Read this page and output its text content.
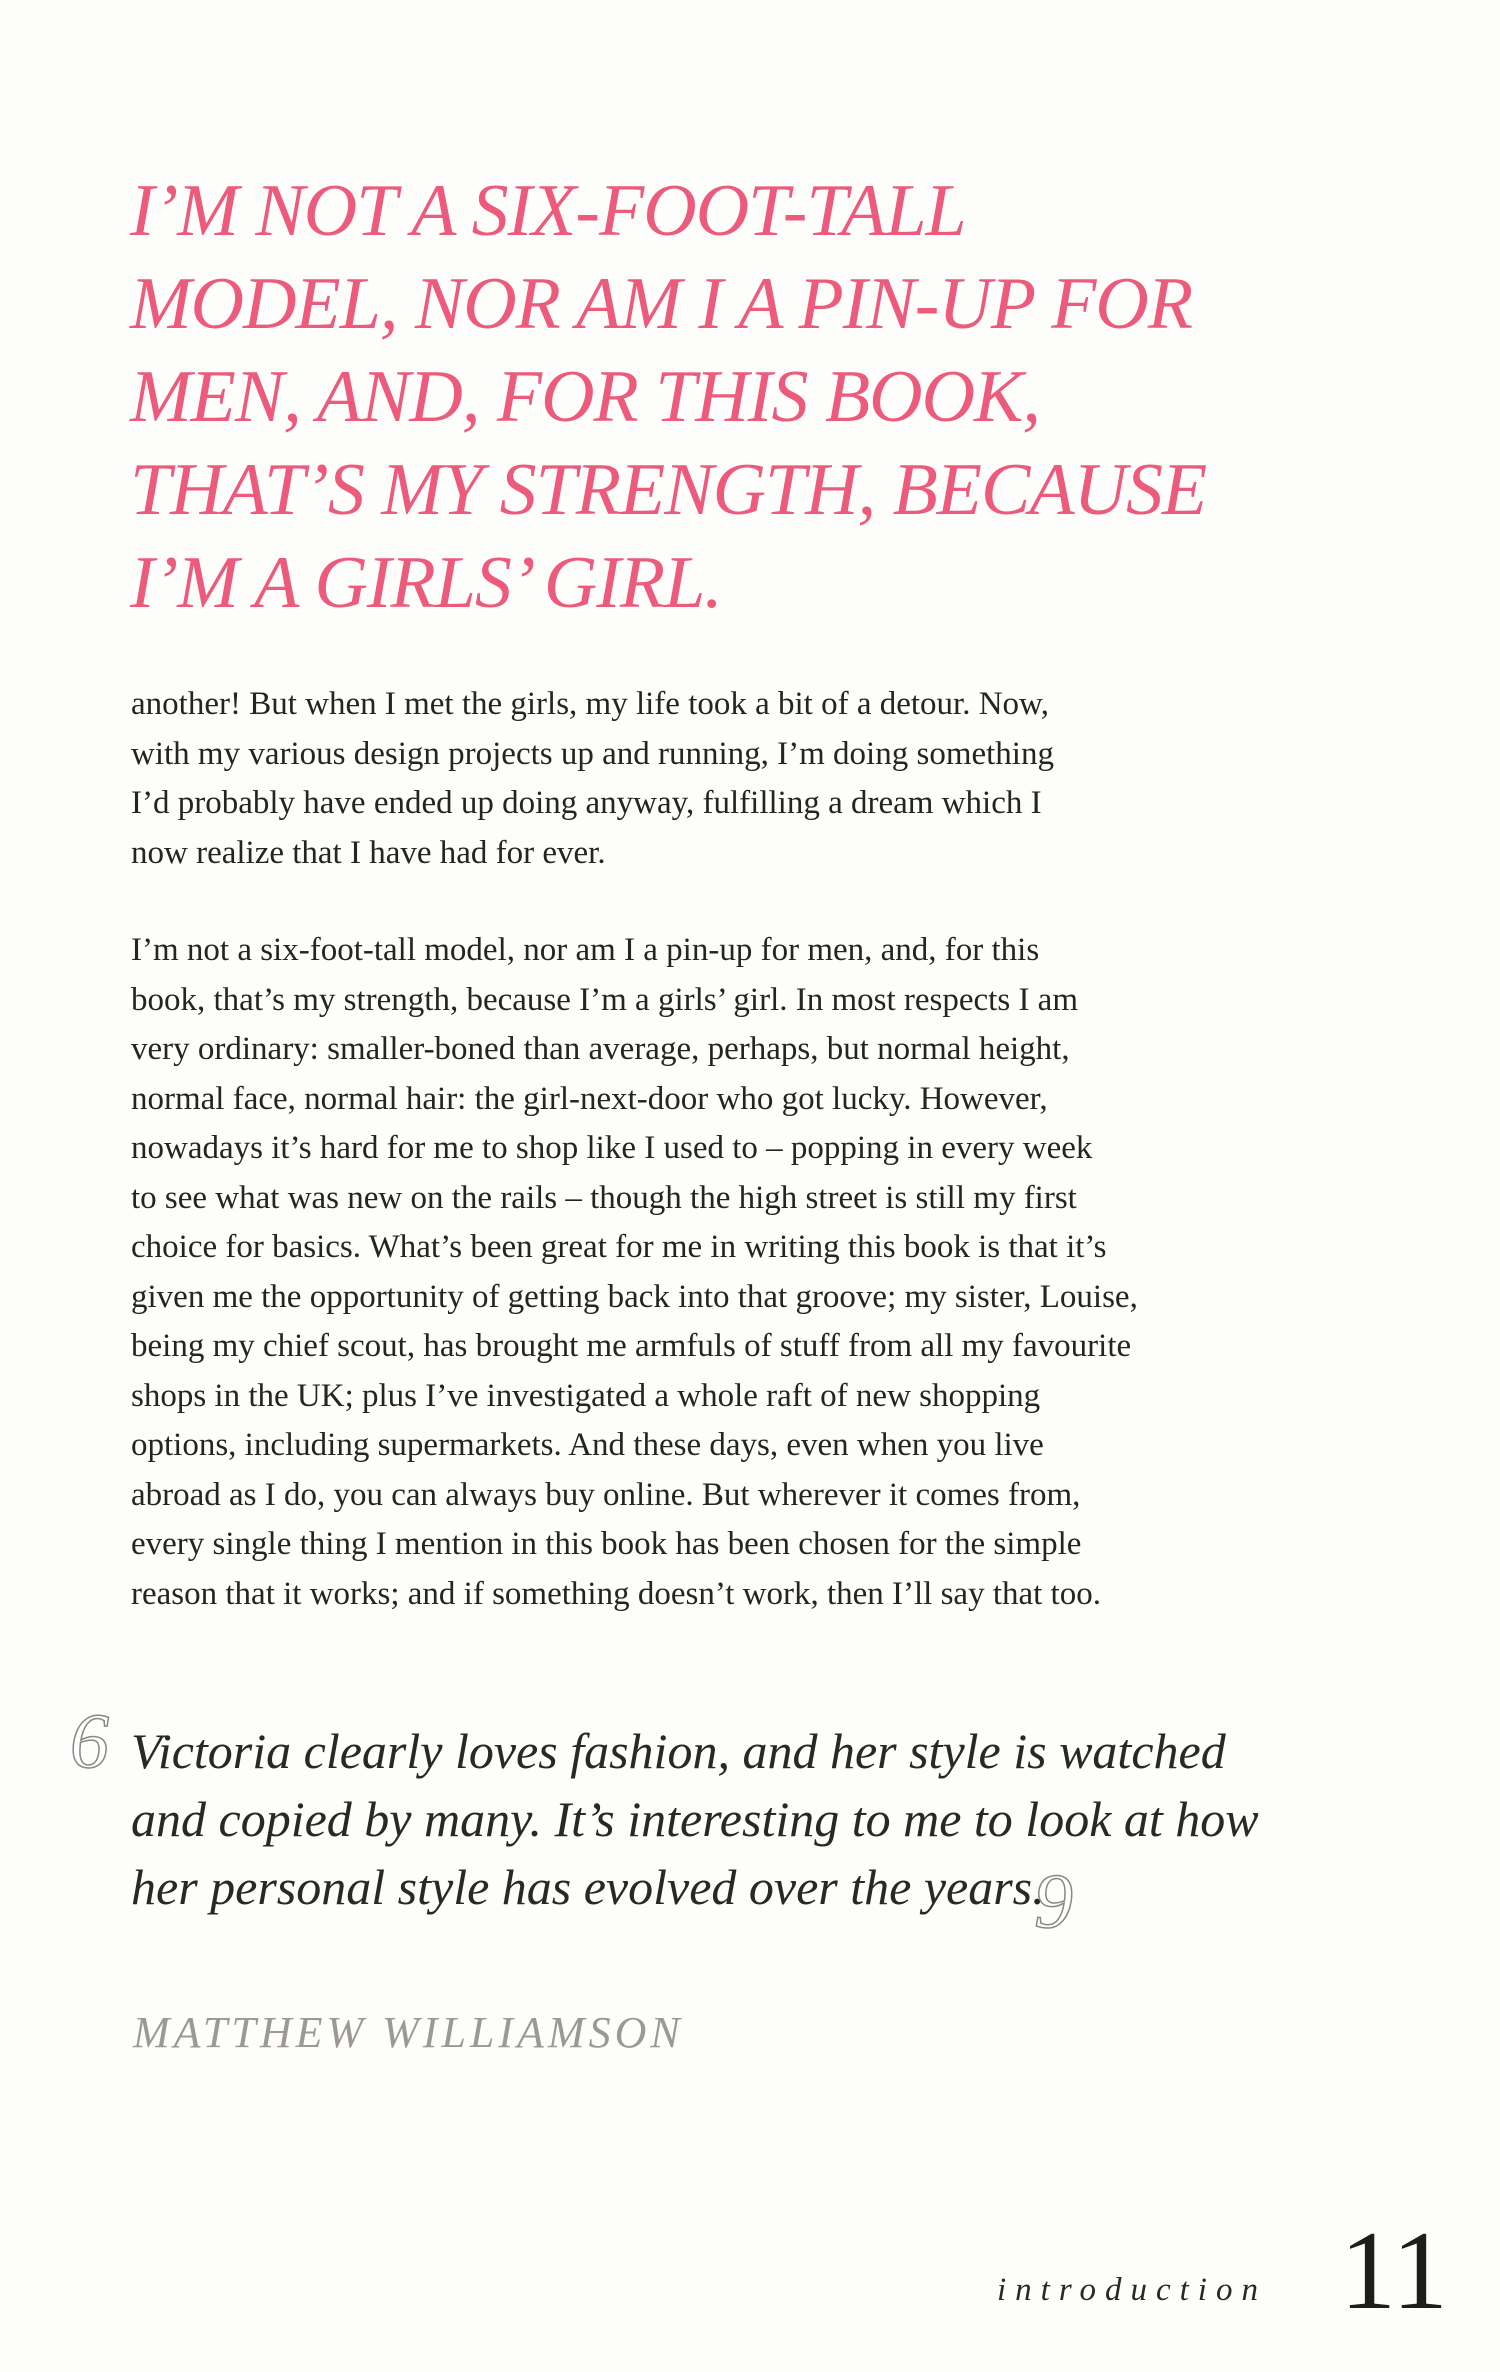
I’M NOT A SIX-FOOT-TALL
MODEL, NOR AM I A PIN-UP FOR
MEN, AND, FOR THIS BOOK,
THAT’S MY STRENGTH, BECAUSE
I’M A GIRLS’ GIRL.
another! But when I met the girls, my life took a bit of a detour. Now,
with my various design projects up and running, I’m doing something
I’d probably have ended up doing anyway, fulfilling a dream which I
now realize that I have had for ever.
I’m not a six-foot-tall model, nor am I a pin-up for men, and, for this
book, that’s my strength, because I’m a girls’ girl. In most respects I am
very ordinary: smaller-boned than average, perhaps, but normal height,
normal face, normal hair: the girl-next-door who got lucky. However,
nowadays it’s hard for me to shop like I used to – popping in every week
to see what was new on the rails – though the high street is still my first
choice for basics. What’s been great for me in writing this book is that it’s
given me the opportunity of getting back into that groove; my sister, Louise,
being my chief scout, has brought me armfuls of stuff from all my favourite
shops in the UK; plus I’ve investigated a whole raft of new shopping
options, including supermarkets. And these days, even when you live
abroad as I do, you can always buy online. But wherever it comes from,
every single thing I mention in this book has been chosen for the simple
reason that it works; and if something doesn’t work, then I’ll say that too.
6 Victoria clearly loves fashion, and her style is watched
and copied by many. It’s interesting to me to look at how
her personal style has evolved over the years.
9
MATTHEW WILLIAMSON
introduction 11
